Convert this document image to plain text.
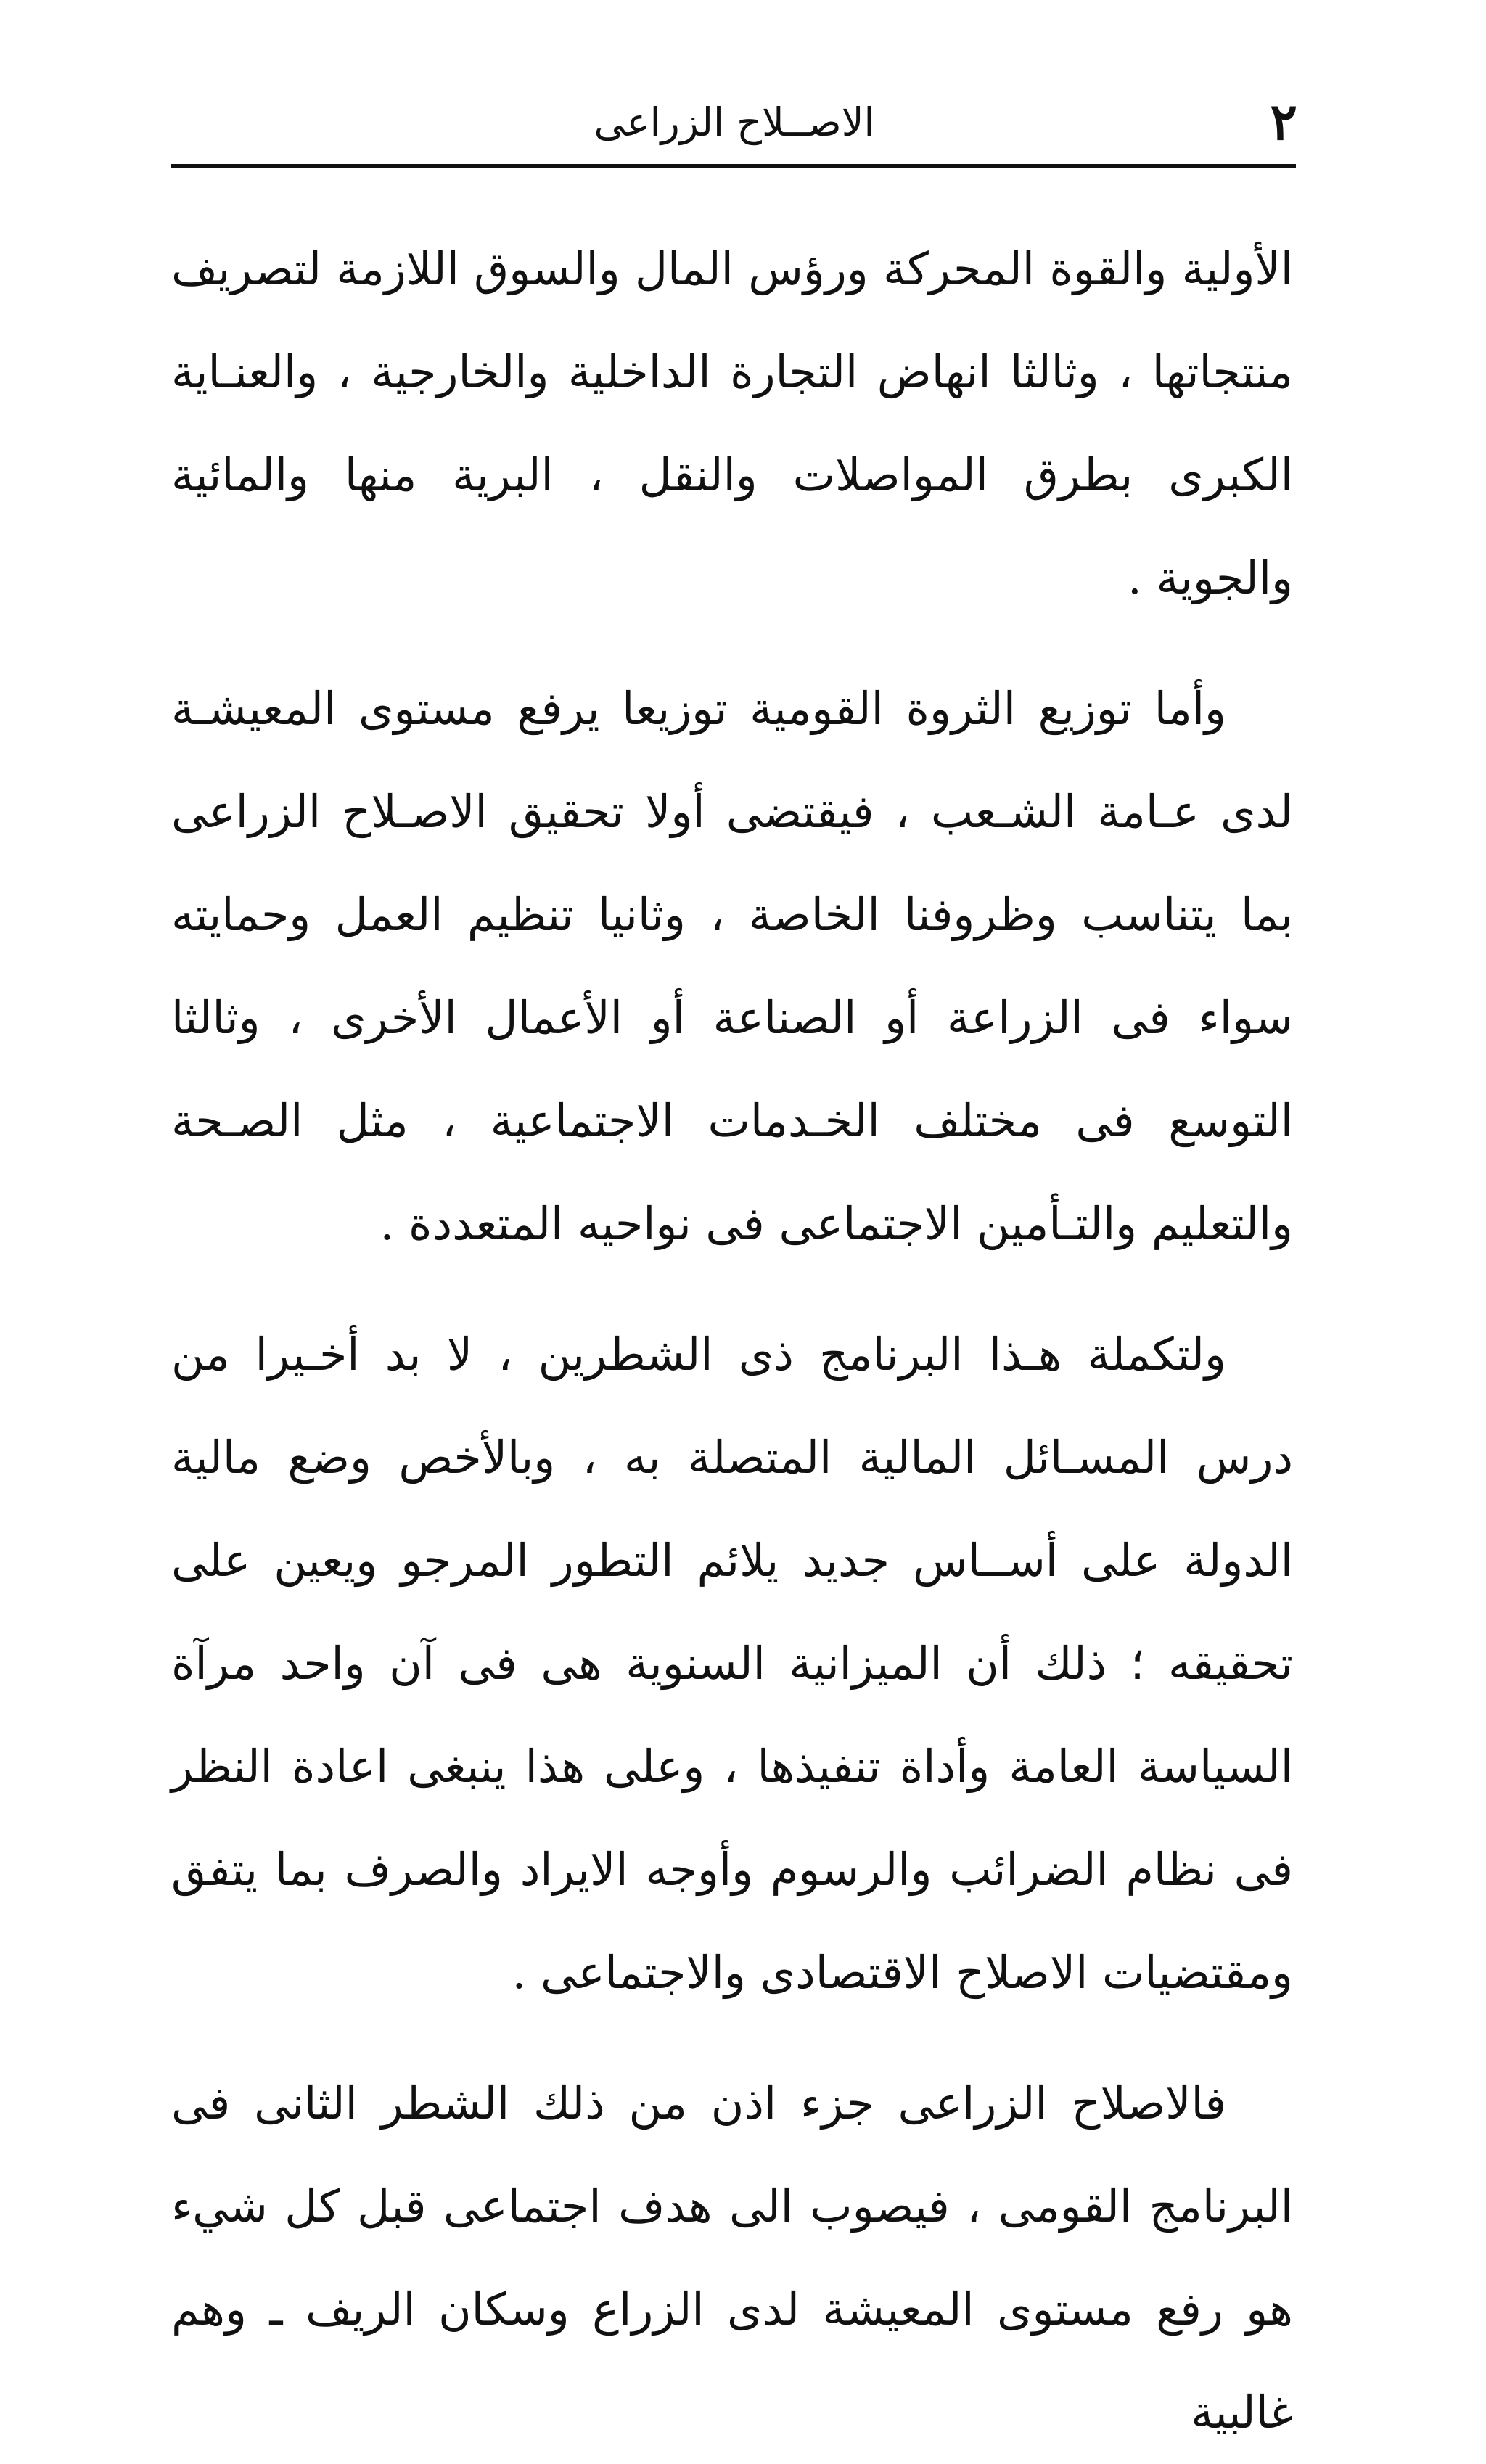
٢
الاصــلاح الزراعى

الأولية والقوة المحركة ورؤس المال والسوق اللازمة لتصريف منتجاتها ، وثالثا انهاض التجارة الداخلية والخارجية ، والعنـاية الكبرى بطرق المواصلات والنقل ، البرية منها والمائية والجوية .

وأما توزيع الثروة القومية توزيعا يرفع مستوى المعيشـة لدى عـامة الشـعب ، فيقتضى أولا تحقيق الاصـلاح الزراعى بما يتناسب وظروفنا الخاصة ، وثانيا تنظيم العمل وحمايته سواء فى الزراعة أو الصناعة أو الأعمال الأخرى ، وثالثا التوسع فى مختلف الخـدمات الاجتماعية ، مثل الصـحة والتعليم والتـأمين الاجتماعى فى نواحيه المتعددة .

ولتكملة هـذا البرنامج ذى الشطرين ، لا بد أخـيرا من درس المسـائل المالية المتصلة به ، وبالأخص وضع مالية الدولة على أســاس جديد يلائم التطور المرجو ويعين على تحقيقه ؛ ذلك أن الميزانية السنوية هى فى آن واحد مرآة السياسة العامة وأداة تنفيذها ، وعلى هذا ينبغى اعادة النظر فى نظام الضرائب والرسوم وأوجه الايراد والصرف بما يتفق ومقتضيات الاصلاح الاقتصادى والاجتماعى .

فالاصلاح الزراعى جزء اذن من ذلك الشطر الثانى فى البرنامج القومى ، فيصوب الى هدف اجتماعى قبل كل شيء هو رفع مستوى المعيشة لدى الزراع وسكان الريف ـ وهم غالبية
